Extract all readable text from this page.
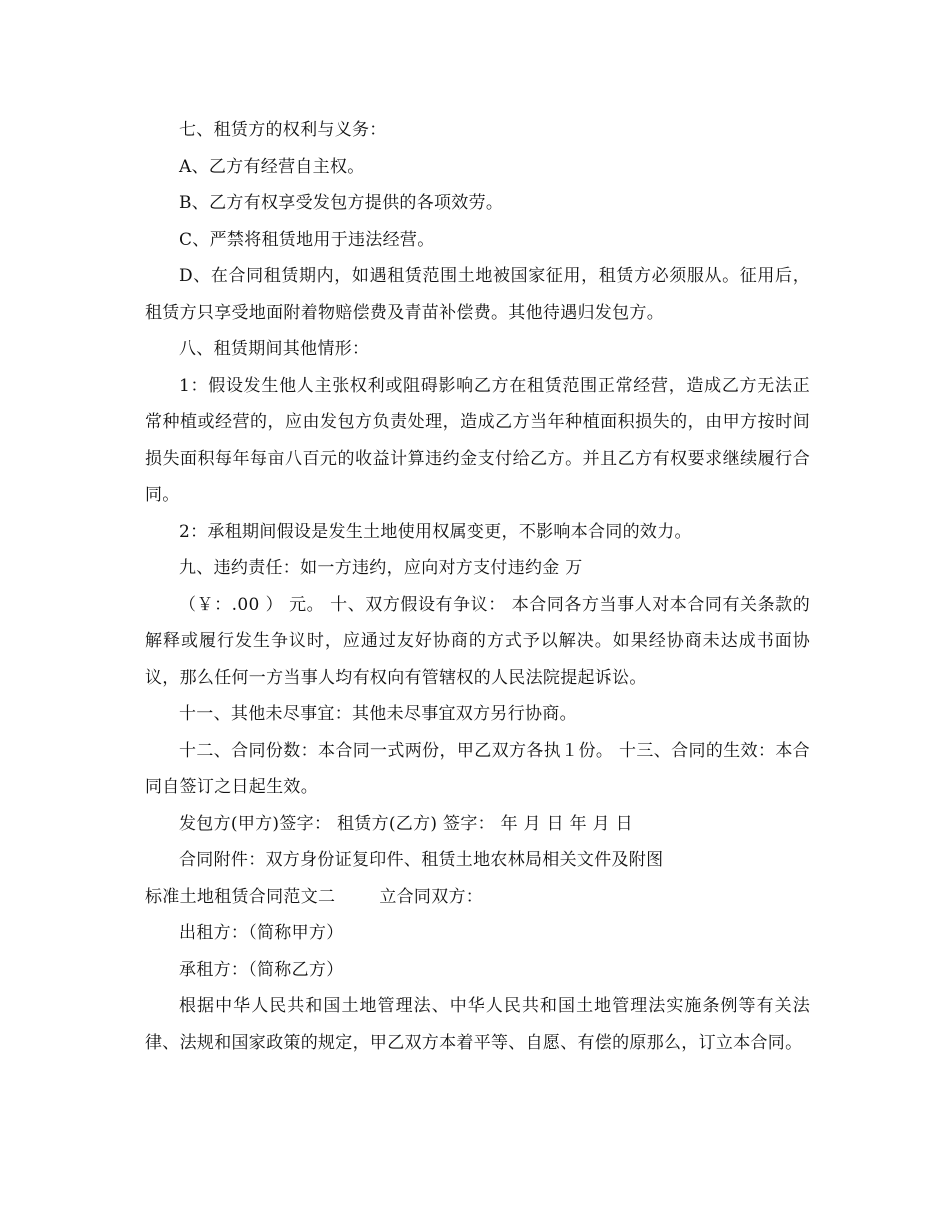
七、租赁方的权利与义务：

A、乙方有经营自主权。

B、乙方有权享受发包方提供的各项效劳。

C、严禁将租赁地用于违法经营。

D、在合同租赁期内，如遇租赁范围土地被国家征用，租赁方必须服从。征用后，租赁方只享受地面附着物赔偿费及青苗补偿费。其他待遇归发包方。

八、租赁期间其他情形：

1：假设发生他人主张权利或阻碍影响乙方在租赁范围正常经营，造成乙方无法正常种植或经营的，应由发包方负责处理，造成乙方当年种植面积损失的，由甲方按时间损失面积每年每亩八百元的收益计算违约金支付给乙方。并且乙方有权要求继续履行合同。

2：承租期间假设是发生土地使用权属变更，不影响本合同的效力。

九、违约责任：如一方违约，应向对方支付违约金 万

（￥：.00 ） 元。 十、双方假设有争议： 本合同各方当事人对本合同有关条款的解释或履行发生争议时，应通过友好协商的方式予以解决。如果经协商未达成书面协议，那么任何一方当事人均有权向有管辖权的人民法院提起诉讼。

十一、其他未尽事宜：其他未尽事宜双方另行协商。

十二、合同份数：本合同一式两份，甲乙双方各执１份。 十三、合同的生效：本合同自签订之日起生效。

发包方(甲方)签字： 租赁方(乙方) 签字： 年 月 日 年 月 日

合同附件：双方身份证复印件、租赁土地农林局相关文件及附图

标准土地租赁合同范文二	立合同双方：

出租方：（简称甲方）

承租方：（简称乙方）

根据中华人民共和国土地管理法、中华人民共和国土地管理法实施条例等有关法律、法规和国家政策的规定，甲乙双方本着平等、自愿、有偿的原那么，订立本合同。
